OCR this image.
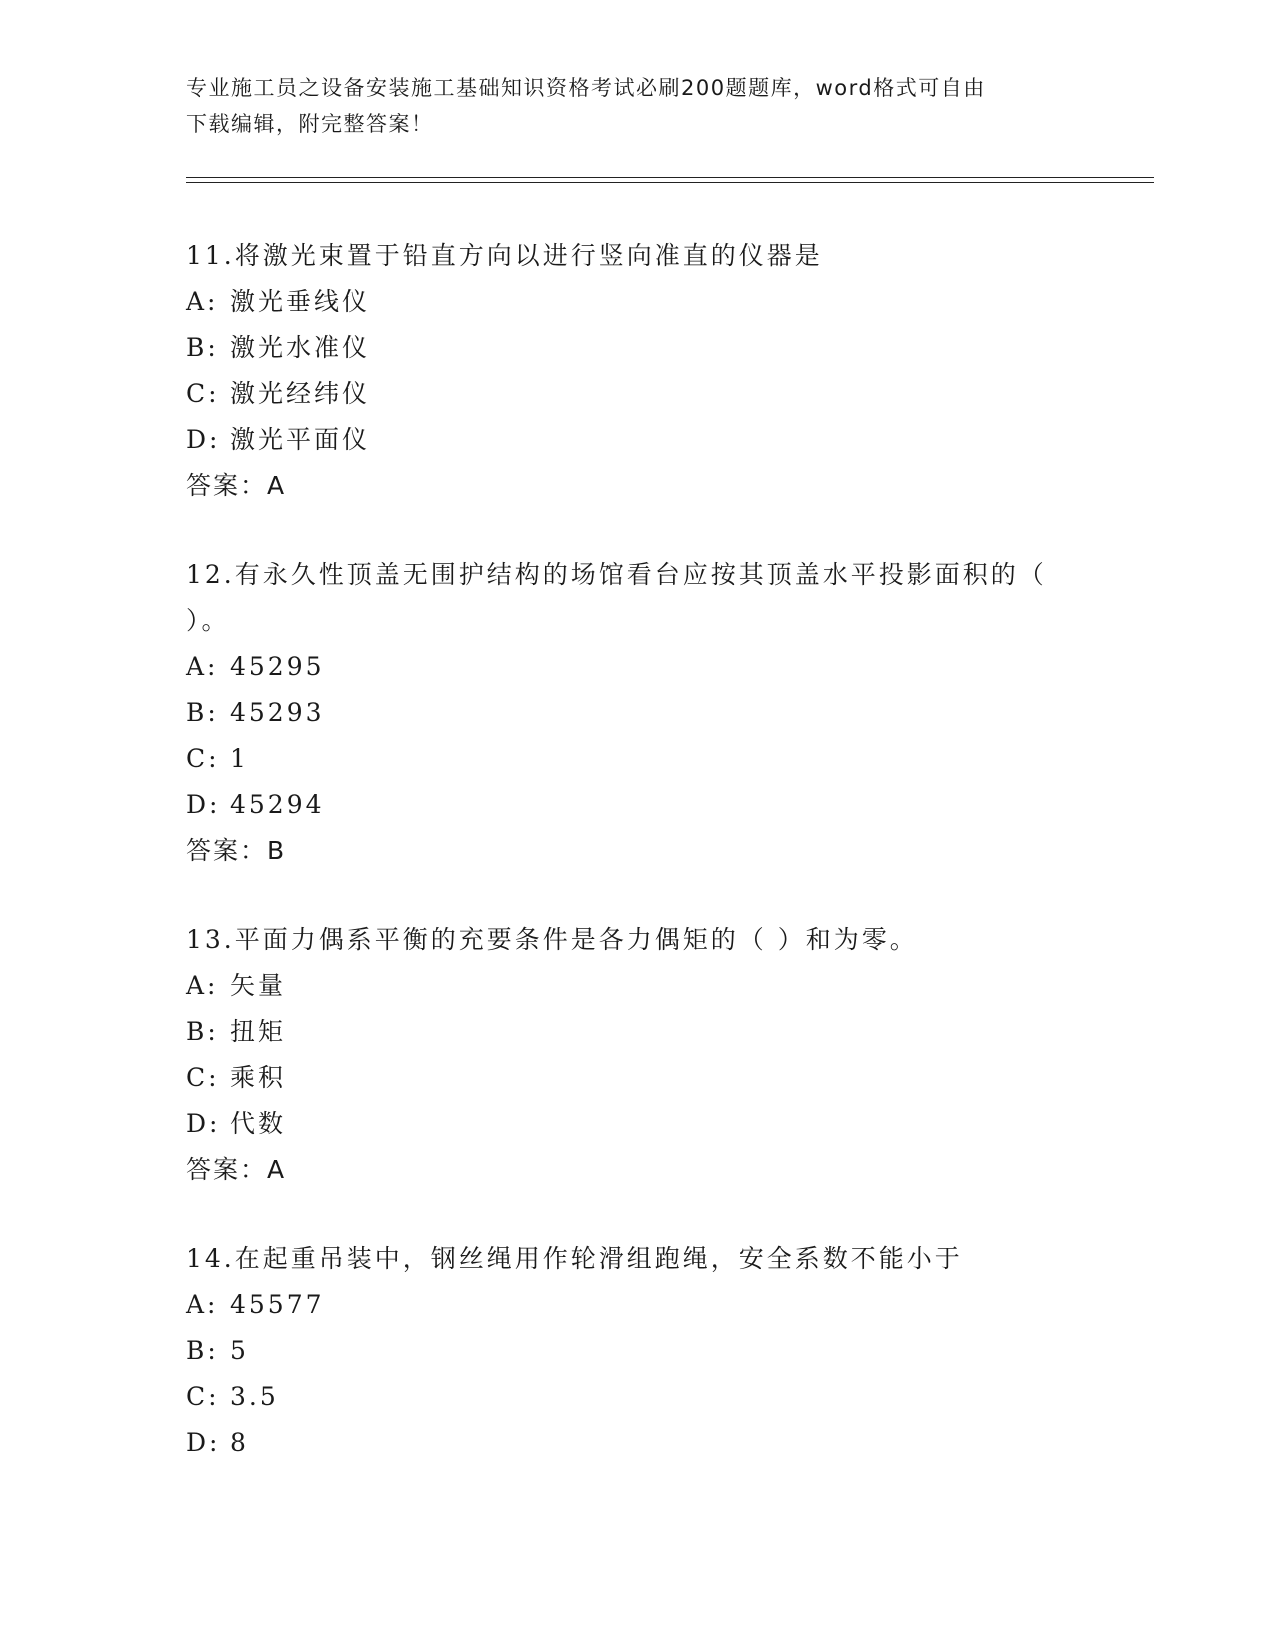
专业施工员之设备安装施工基础知识资格考试必刷200题题库，word格式可自由
下载编辑，附完整答案！
11.将激光束置于铅直方向以进行竖向准直的仪器是
A: 激光垂线仪
B: 激光水准仪
C: 激光经纬仪
D: 激光平面仪
答案：A
12.有永久性顶盖无围护结构的场馆看台应按其顶盖水平投影面积的（
）。
A: 45295
B: 45293
C: 1
D: 45294
答案：B
13.平面力偶系平衡的充要条件是各力偶矩的（ ）和为零。
A: 矢量
B: 扭矩
C: 乘积
D: 代数
答案：A
14.在起重吊装中，钢丝绳用作轮滑组跑绳，安全系数不能小于
A: 45577
B: 5
C: 3.5
D: 8
